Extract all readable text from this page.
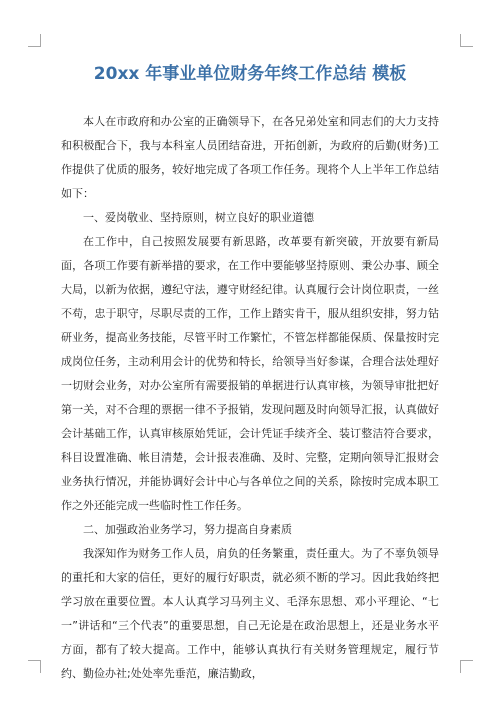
20xx 年事业单位财务年终工作总结 模板

本人在市政府和办公室的正确领导下，在各兄弟处室和同志们的大力支持和积极配合下，我与本科室人员团结奋进，开拓创新，为政府的后勤(财务)工作提供了优质的服务，较好地完成了各项工作任务。现将个人上半年工作总结如下：

一、爱岗敬业、坚持原则，树立良好的职业道德

在工作中，自己按照发展要有新思路，改革要有新突破，开放要有新局面，各项工作要有新举措的要求，在工作中要能够坚持原则、秉公办事、顾全大局，以新为依据，遵纪守法，遵守财经纪律。认真履行会计岗位职责，一丝不苟，忠于职守，尽职尽责的工作，工作上踏实肯干，服从组织安排，努力钻研业务，提高业务技能，尽管平时工作繁忙，不管怎样都能保质、保量按时完成岗位任务，主动利用会计的优势和特长，给领导当好参谋，合理合法处理好一切财会业务，对办公室所有需要报销的单据进行认真审核，为领导审批把好第一关，对不合理的票据一律不予报销，发现问题及时向领导汇报，认真做好会计基础工作，认真审核原始凭证，会计凭证手续齐全、装订整洁符合要求，科目设置准确、帐目清楚，会计报表准确、及时、完整，定期向领导汇报财会业务执行情况，并能协调好会计中心与各单位之间的关系，除按时完成本职工作之外还能完成一些临时性工作任务。

二、加强政治业务学习，努力提高自身素质

我深知作为财务工作人员，肩负的任务繁重，责任重大。为了不辜负领导的重托和大家的信任，更好的履行好职责，就必须不断的学习。因此我始终把学习放在重要位置。本人认真学习马列主义、毛泽东思想、邓小平理论、“七一”讲话和“三个代表”的重要思想，自己无论是在政治思想上，还是业务水平方面，都有了较大提高。工作中，能够认真执行有关财务管理规定，履行节约、勤俭办社;处处率先垂范，廉洁勤政，
